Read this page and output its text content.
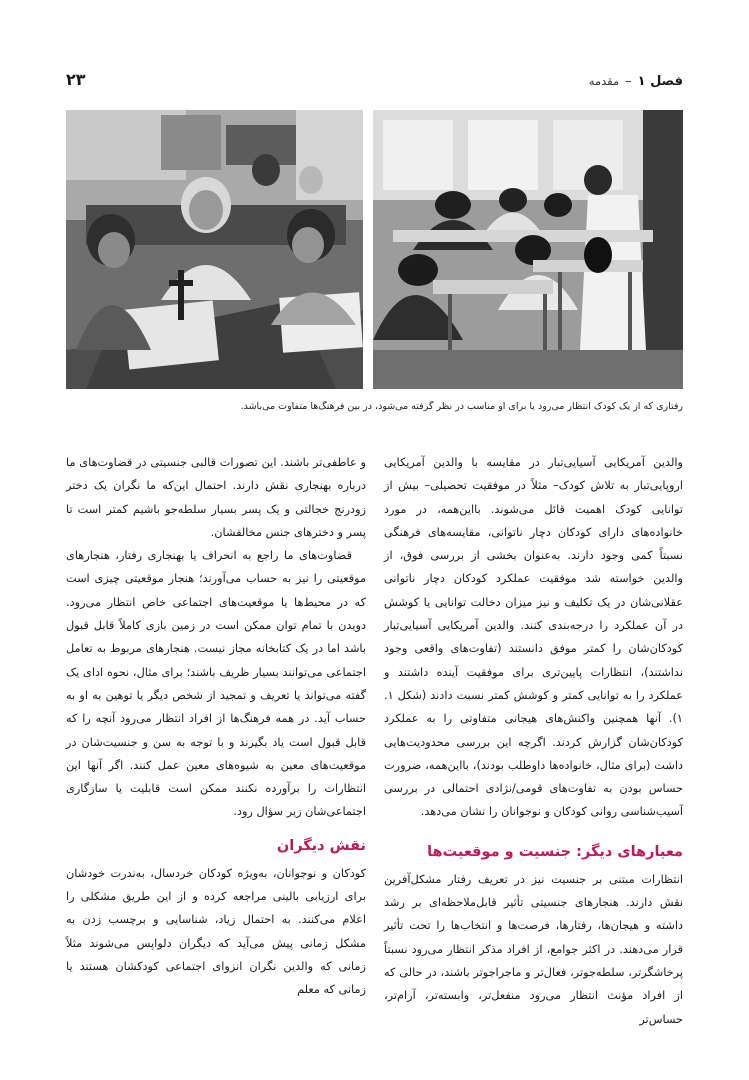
فصل ۱–مقدمه
۲۳
رفتاری که از یک کودک انتظار می‌رود یا برای او مناسب در نظر گرفته می‌شود، در بین فرهنگ‌ها متفاوت می‌باشد.

والدین آمریکایی آسیایی‌تبار در مقایسه با والدین آمریکایی اروپایی‌تبار به تلاش کودک– مثلاً در موفقیت تحصیلی– بیش از توانایی کودک اهمیت قائل می‌شوند. بااین‌همه، در مورد خانواده‌های دارای کودکان دچار ناتوانی، مقایسه‌های فرهنگی نسبتاً کمی وجود دارند. به‌عنوان بخشی از بررسی فوق، از والدین خواسته شد موفقیت عملکرد کودکان دچار ناتوانی عقلانی‌شان در یک تکلیف و نیز میزان دخالت توانایی یا کوشش در آن عملکرد را درجه‌بندی کنند. والدین آمریکایی آسیایی‌تبار کودکان‌شان را کمتر موفق دانستند (تفاوت‌های واقعی وجود نداشتند)، انتظارات پایین‌تری برای موفقیت آینده داشتند و عملکرد را به توانایی کمتر و کوشش کمتر نسبت دادند (شکل ۱. ۱). آنها همچنین واکنش‌های هیجانی متفاوتی را به عملکرد کودکان‌شان گزارش کردند. اگرچه این بررسی محدودیت‌هایی داشت (برای مثال، خانواده‌ها داوطلب بودند)، بااین‌همه، ضرورت حساس بودن به تفاوت‌های قومی/نژادی احتمالی در بررسی آسیب‌شناسی روانی کودکان و نوجوانان را نشان می‌دهد.

معیارهای دیگر: جنسیت و موقعیت‌ها

انتظارات مبتنی بر جنسیت نیز در تعریف رفتار مشکل‌آفرین نقش دارند. هنجارهای جنسیتی تأثیر قابل‌ملاحظه‌ای بر رشد داشته و هیجان‌ها، رفتارها، فرصت‌ها و انتخاب‌ها را تحت تأثیر قرار می‌دهند. در اکثر جوامع، از افراد مذکر انتظار می‌رود نسبتاً پرخاشگرتر، سلطه‌جوتر، فعال‌تر و ماجراجوتر باشند، در حالی که از افراد مؤنث انتظار می‌رود منفعل‌تر، وابسته‌تر، آرام‌تر، حساس‌تر

و عاطفی‌تر باشند. این تصورات قالبی جنسیتی در قضاوت‌های ما درباره بهنجاری نقش دارند. احتمال این‌که ما نگران یک دختر زودرنج خجالتی و یک پسر بسیار سلطه‌جو باشیم کمتر است تا پسر و دخترهای جنس مخالفشان.

قضاوت‌های ما راجع به انحراف یا بهنجاری رفتار، هنجارهای موقعیتی را نیز به حساب می‌آورند؛ هنجار موقعیتی چیزی است که در محیط‌ها یا موقعیت‌های اجتماعی خاص انتظار می‌رود. دویدن با تمام توان ممکن است در زمین بازی کاملاً قابل قبول باشد اما در یک کتابخانه مجاز نیست. هنجارهای مربوط به تعامل اجتماعی می‌توانند بسیار ظریف باشند؛ برای مثال، نحوه ادای یک گفته می‌تواند یا تعریف و تمجید از شخص دیگر یا توهین به او به حساب آید. در همه فرهنگ‌ها از افراد انتظار می‌رود آنچه را که قابل قبول است یاد بگیرند و با توجه به سن و جنسیت‌شان در موقعیت‌های معین به شیوه‌های معین عمل کنند. اگر آنها این انتظارات را برآورده نکنند ممکن است قابلیت یا سازگاری اجتماعی‌شان زیر سؤال رود.

نقش دیگران

کودکان و نوجوانان، به‌ویژه کودکان خردسال، به‌ندرت خودشان برای ارزیابی بالینی مراجعه کرده و از این طریق مشکلی را اعلام می‌کنند. به احتمال زیاد، شناسایی و برچسب زدن به مشکل زمانی پیش می‌آید که دیگران دلواپس می‌شوند مثلاً زمانی که والدین نگران انزوای اجتماعی کودکشان هستند یا زمانی که معلم
